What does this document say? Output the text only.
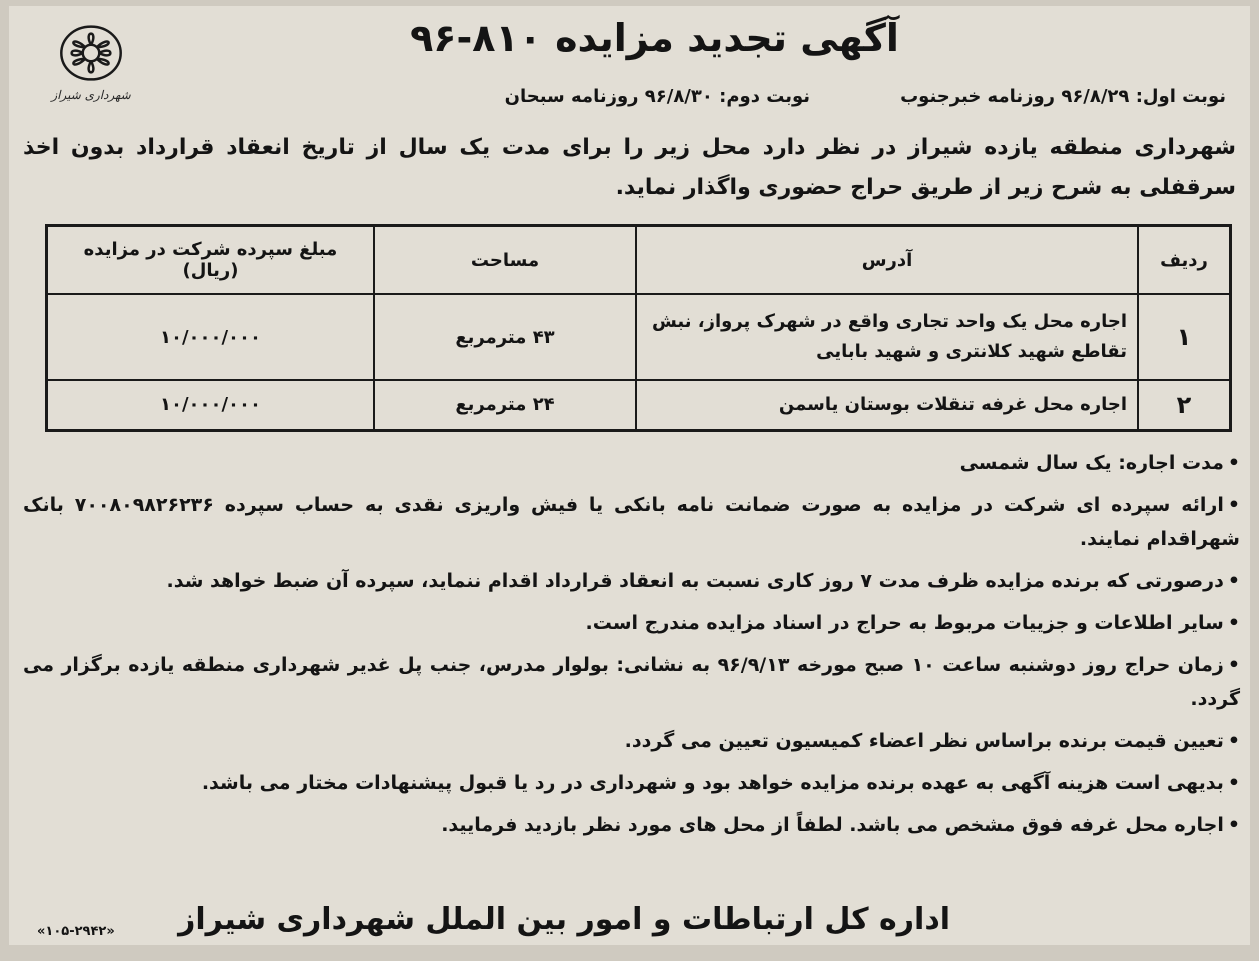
شهرداری شیراز
آگهی تجدید مزایده ۸۱۰-۹۶
نوبت اول: ۹۶/۸/۲۹ روزنامه خبرجنوب
نوبت دوم: ۹۶/۸/۳۰ روزنامه سبحان
شهرداری منطقه یازده شیراز در نظر دارد محل زیر را برای مدت یک سال از تاریخ انعقاد قرارداد بدون اخذ سرقفلی به شرح زیر از طریق حراج حضوری واگذار نماید.
ردیف	آدرس	مساحت	مبلغ سپرده شرکت در مزایده (ریال)
۱	اجاره محل یک واحد تجاری واقع در شهرک پرواز، نبش تقاطع شهید کلانتری و شهید بابایی	۴۳ مترمربع	۱۰/۰۰۰/۰۰۰
۲	اجاره محل غرفه تنقلات بوستان یاسمن	۲۴ مترمربع	۱۰/۰۰۰/۰۰۰
•مدت اجاره: یک سال شمسی
•ارائه سپرده ای شرکت در مزایده به صورت ضمانت نامه بانکی یا فیش واریزی نقدی به حساب سپرده ۷۰۰۸۰۹۸۲۶۲۳۶ بانک شهراقدام نمایند.
•درصورتی که برنده مزایده ظرف مدت ۷ روز کاری نسبت به انعقاد قرارداد اقدام ننماید، سپرده آن ضبط خواهد شد.
•سایر اطلاعات و جزییات مربوط به حراج در اسناد مزایده مندرج است.
•زمان حراج روز دوشنبه ساعت ۱۰ صبح مورخه ۹۶/۹/۱۳ به نشانی: بولوار مدرس، جنب پل غدیر شهرداری منطقه یازده برگزار می گردد.
•تعیین قیمت برنده براساس نظر اعضاء کمیسیون تعیین می گردد.
•بدیهی است هزینه آگهی به عهده برنده مزایده خواهد بود و شهرداری در رد یا قبول پیشنهادات مختار می باشد.
•اجاره محل غرفه فوق مشخص می باشد. لطفاً از محل های مورد نظر بازدید فرمایید.
اداره کل ارتباطات و امور بین الملل شهرداری شیراز
«۱۰۵-۲۹۴۲»
